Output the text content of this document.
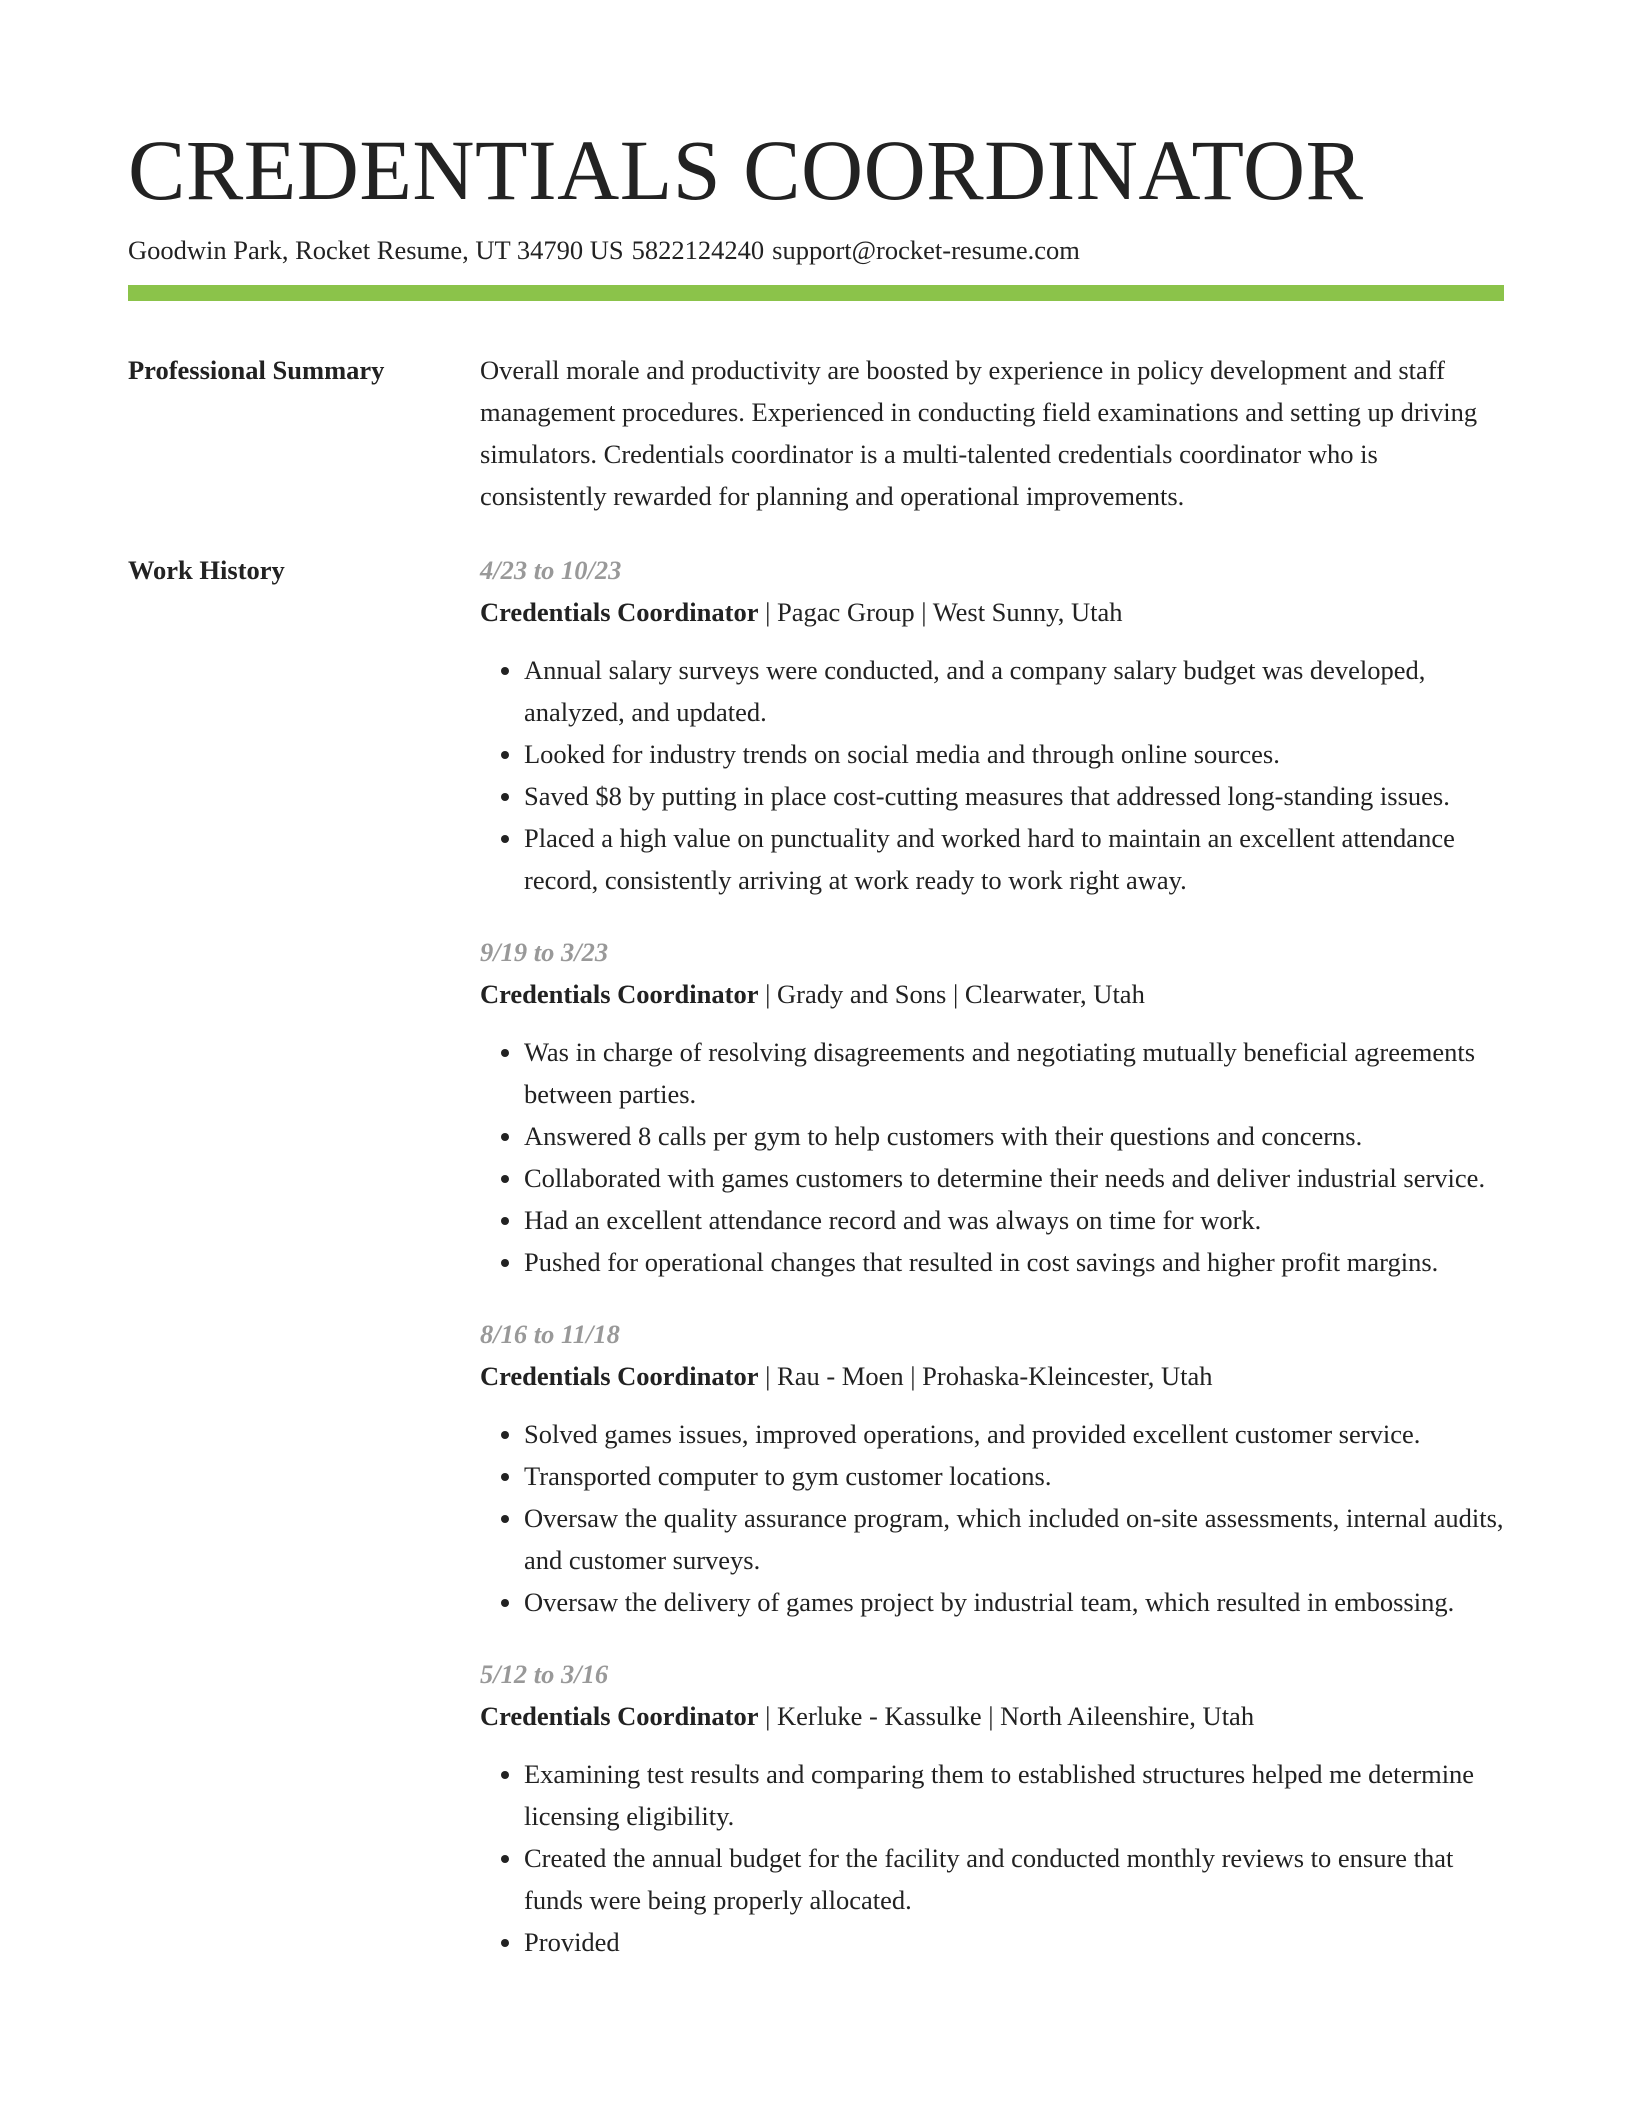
CREDENTIALS COORDINATOR
Goodwin Park, Rocket Resume, UT 34790 US 5822124240 support@rocket-resume.com
Professional Summary	Overall morale and productivity are boosted by experience in policy development and staff management procedures. Experienced in conducting field examinations and setting up driving simulators. Credentials coordinator is a multi-talented credentials coordinator who is consistently rewarded for planning and operational improvements.

Work History	4/23 to 10/23
Credentials Coordinator | Pagac Group | West Sunny, Utah
• Annual salary surveys were conducted, and a company salary budget was developed, analyzed, and updated.
• Looked for industry trends on social media and through online sources.
• Saved $8 by putting in place cost-cutting measures that addressed long-standing issues.
• Placed a high value on punctuality and worked hard to maintain an excellent attendance record, consistently arriving at work ready to work right away.
9/19 to 3/23
Credentials Coordinator | Grady and Sons | Clearwater, Utah
• Was in charge of resolving disagreements and negotiating mutually beneficial agreements between parties.
• Answered 8 calls per gym to help customers with their questions and concerns.
• Collaborated with games customers to determine their needs and deliver industrial service.
• Had an excellent attendance record and was always on time for work.
• Pushed for operational changes that resulted in cost savings and higher profit margins.
8/16 to 11/18
Credentials Coordinator | Rau - Moen | Prohaska-Kleincester, Utah
• Solved games issues, improved operations, and provided excellent customer service.
• Transported computer to gym customer locations.
• Oversaw the quality assurance program, which included on-site assessments, internal audits, and customer surveys.
• Oversaw the delivery of games project by industrial team, which resulted in embossing.
5/12 to 3/16
Credentials Coordinator | Kerluke - Kassulke | North Aileenshire, Utah
• Examining test results and comparing them to established structures helped me determine licensing eligibility.
• Created the annual budget for the facility and conducted monthly reviews to ensure that funds were being properly allocated.
• Provided
